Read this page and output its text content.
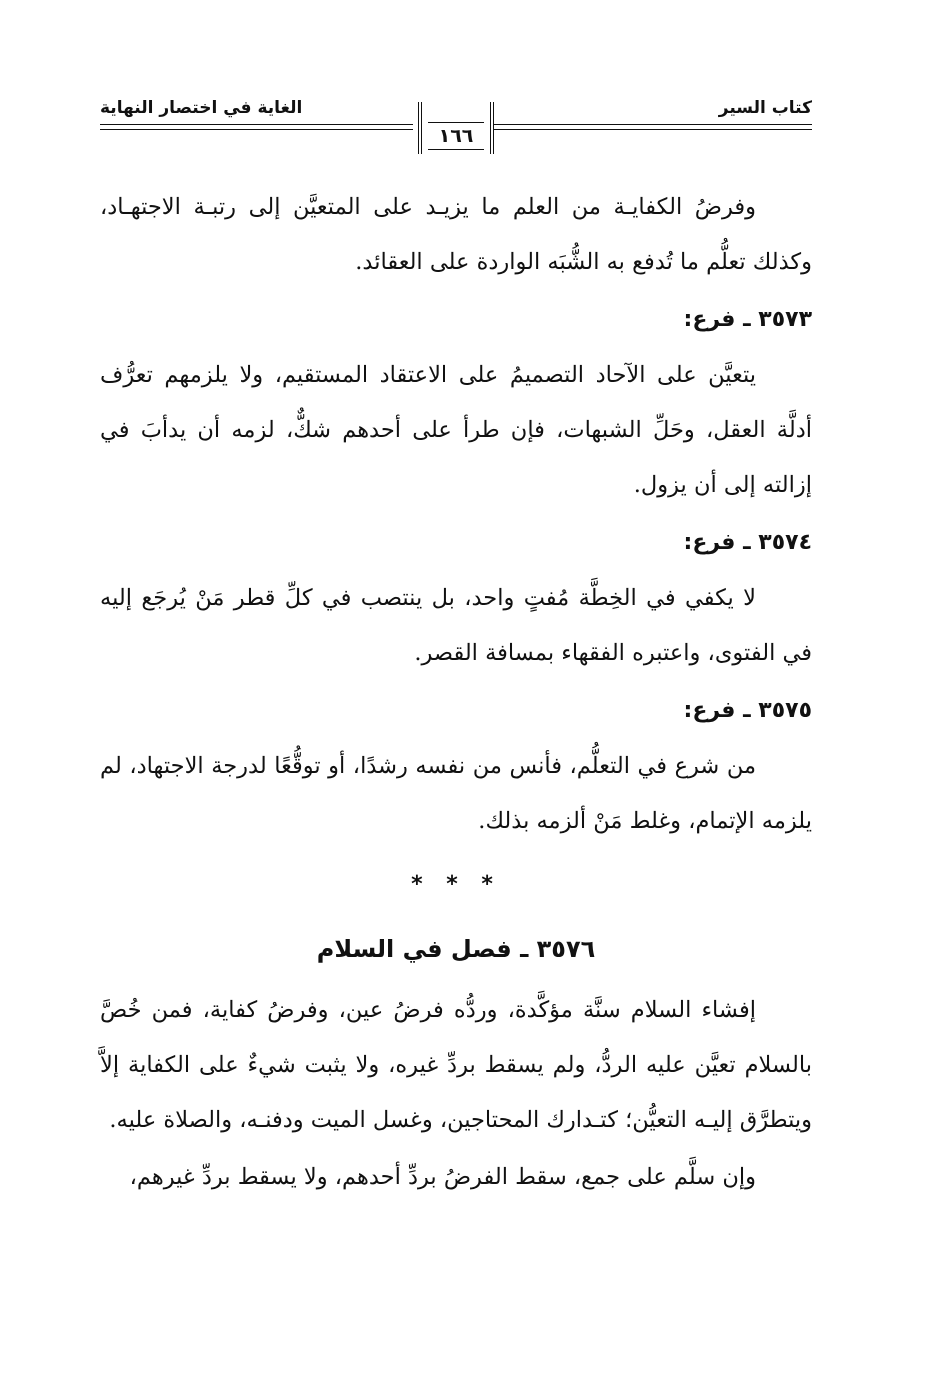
كتاب السير
الغاية في اختصار النهاية
١٦٦

وفرضُ الكفايـة من العلم ما يزيـد على المتعيَّن إلى رتبـة الاجتهـاد، وكذلك تعلُّم ما تُدفع به الشُّبَه الواردة على العقائد.

٣٥٧٣ ـ فرع:

يتعيَّن على الآحاد التصميمُ على الاعتقاد المستقيم، ولا يلزمهم تعرُّف أدلَّة العقل، وحَلِّ الشبهات، فإن طرأ على أحدهم شكٌّ، لزمه أن يدأبَ في إزالته إلى أن يزول.

٣٥٧٤ ـ فرع:

لا يكفي في الخِطَّة مُفتٍ واحد، بل ينتصب في كلِّ قطر مَنْ يُرجَع إليه في الفتوى، واعتبره الفقهاء بمسافة القصر.

٣٥٧٥ ـ فرع:

من شرع في التعلُّم، فأنس من نفسه رشدًا، أو توقُّعًا لدرجة الاجتهاد، لم يلزمه الإتمام، وغلط مَنْ ألزمه بذلك.

* * *

٣٥٧٦ ـ فصل في السلام

إفشاء السلام سنَّة مؤكَّدة، وردُّه فرضُ عين، وفرضُ كفاية، فمن خُصَّ بالسلام تعيَّن عليه الردُّ، ولم يسقط بردِّ غيره، ولا يثبت شيءٌ على الكفاية إلاَّ ويتطرَّق إليـه التعيُّن؛ كتـدارك المحتاجين، وغسل الميت ودفنـه، والصلاة عليه.

وإن سلَّم على جمع، سقط الفرضُ بردِّ أحدهم، ولا يسقط بردِّ غيرهم،
